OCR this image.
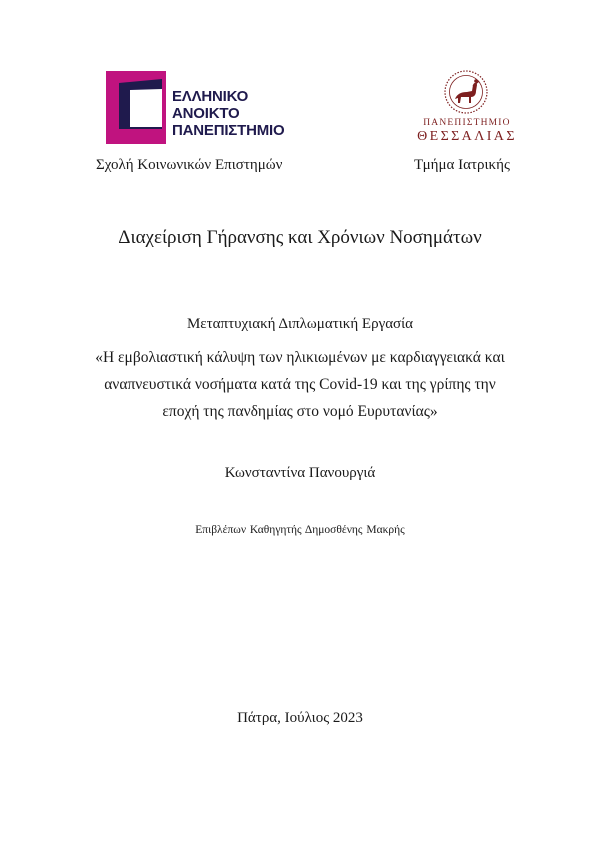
ΕΛΛΗΝΙΚΟ
ΑΝΟΙΚΤΟ
ΠΑΝΕΠΙΣΤΗΜΙΟ	ΠΑΝΕΠΙΣΤΗΜΙΟ
ΘΕΣΣΑΛΙΑΣ
Σχολή Κοινωνικών Επιστημών	Τμήμα Ιατρικής
Διαχείριση Γήρανσης και Χρόνιων Νοσημάτων
Μεταπτυχιακή Διπλωματική Εργασία
«Η εμβολιαστική κάλυψη των ηλικιωμένων με καρδιαγγειακά και
αναπνευστικά νοσήματα κατά της Covid-19 και της γρίπης την
εποχή της πανδημίας στο νομό Ευρυτανίας»
Κωνσταντίνα Πανουργιά
Επιβλέπων Καθηγητής Δημοσθένης Μακρής
Πάτρα, Ιούλιος 2023
